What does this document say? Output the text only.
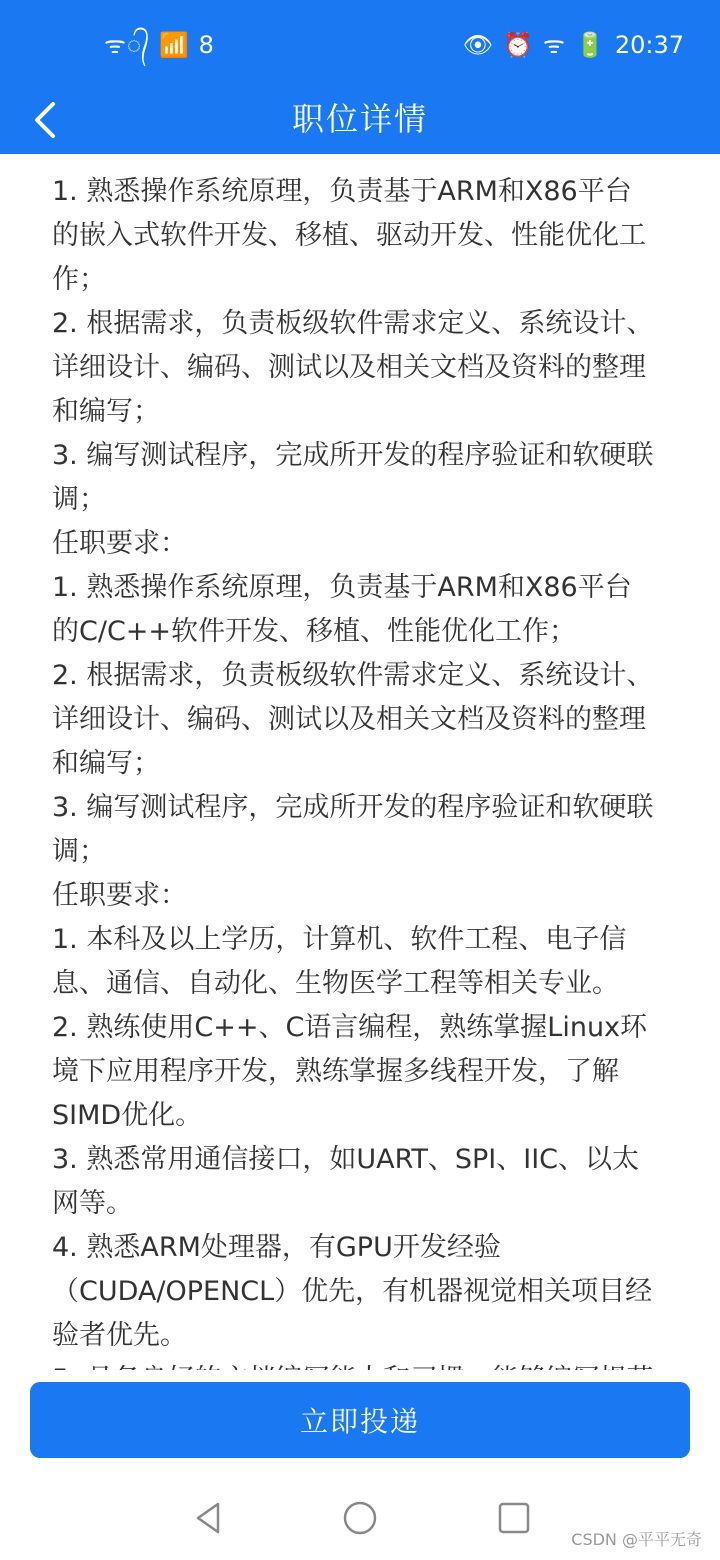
ᯤ᭄ 📶 8	👁 ⏰ ᯤ 🔋 20:37
职位详情

1. 熟悉操作系统原理，负责基于ARM和X86平台的嵌入式软件开发、移植、驱动开发、性能优化工作；

2. 根据需求，负责板级软件需求定义、系统设计、详细设计、编码、测试以及相关文档及资料的整理和编写；

3. 编写测试程序，完成所开发的程序验证和软硬联调；

任职要求：

1. 熟悉操作系统原理，负责基于ARM和X86平台的C/C++软件开发、移植、性能优化工作；

2. 根据需求，负责板级软件需求定义、系统设计、详细设计、编码、测试以及相关文档及资料的整理和编写；

3. 编写测试程序，完成所开发的程序验证和软硬联调；

任职要求：

1. 本科及以上学历，计算机、软件工程、电子信息、通信、自动化、生物医学工程等相关专业。

2. 熟练使用C++、C语言编程，熟练掌握Linux环境下应用程序开发，熟练掌握多线程开发，了解SIMD优化。

3. 熟悉常用通信接口，如UART、SPI、IIC、以太网等。

4. 熟悉ARM处理器，有GPU开发经验（CUDA/OPENCL）优先，有机器视觉相关项目经验者优先。

立即投递
CSDN @平平无奇
